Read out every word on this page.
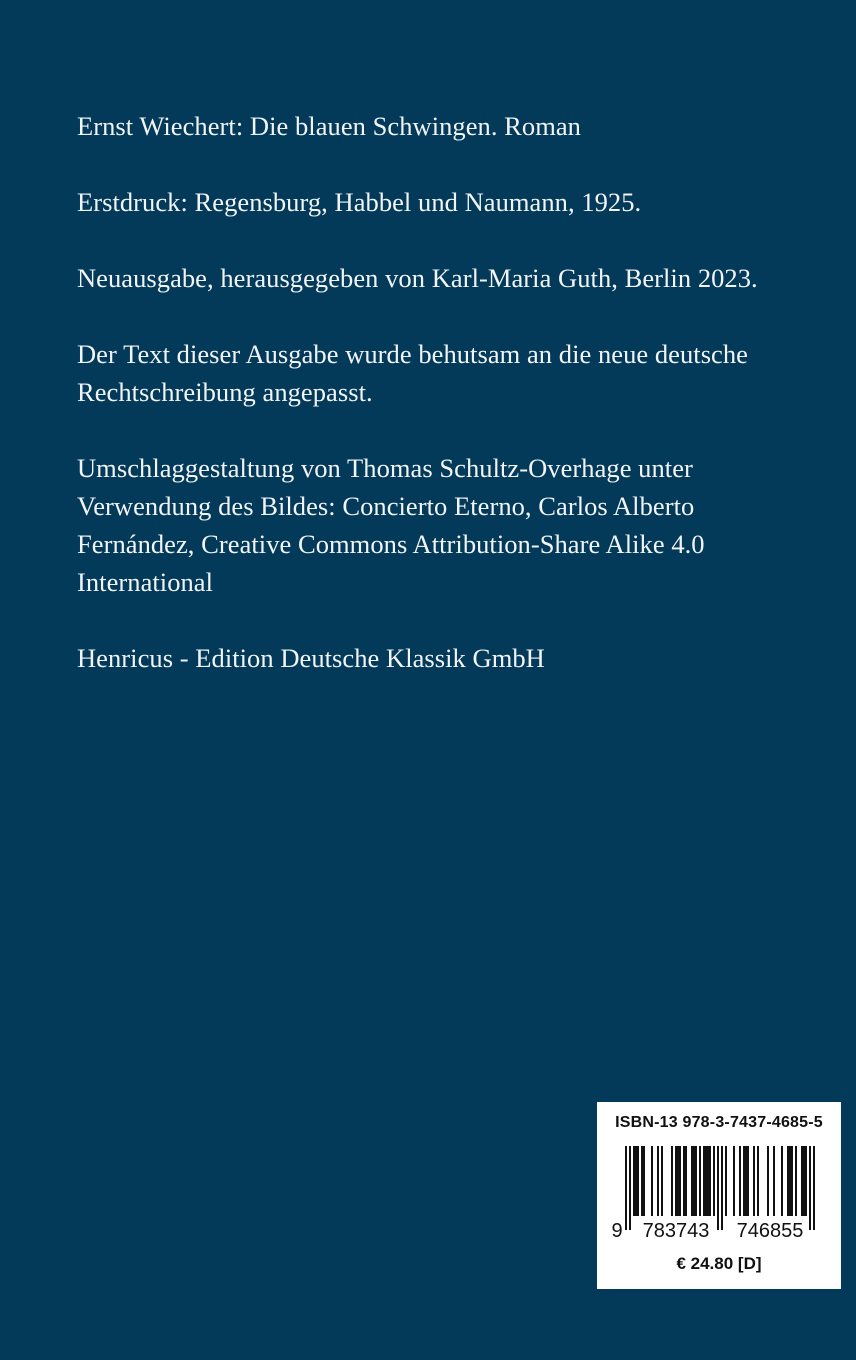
Ernst Wiechert: Die blauen Schwingen. Roman

Erstdruck: Regensburg, Habbel und Naumann, 1925.

Neuausgabe, herausgegeben von Karl-Maria Guth, Berlin 2023.

Der Text dieser Ausgabe wurde behutsam an die neue deutsche
Rechtschreibung angepasst.

Umschlaggestaltung von Thomas Schultz-Overhage unter
Verwendung des Bildes: Concierto Eterno, Carlos Alberto
Fernández, Creative Commons Attribution-Share Alike 4.0
International

Henricus - Edition Deutsche Klassik GmbH

ISBN-13 978-3-7437-4685-5
9 783743 746855
€ 24.80 [D]
